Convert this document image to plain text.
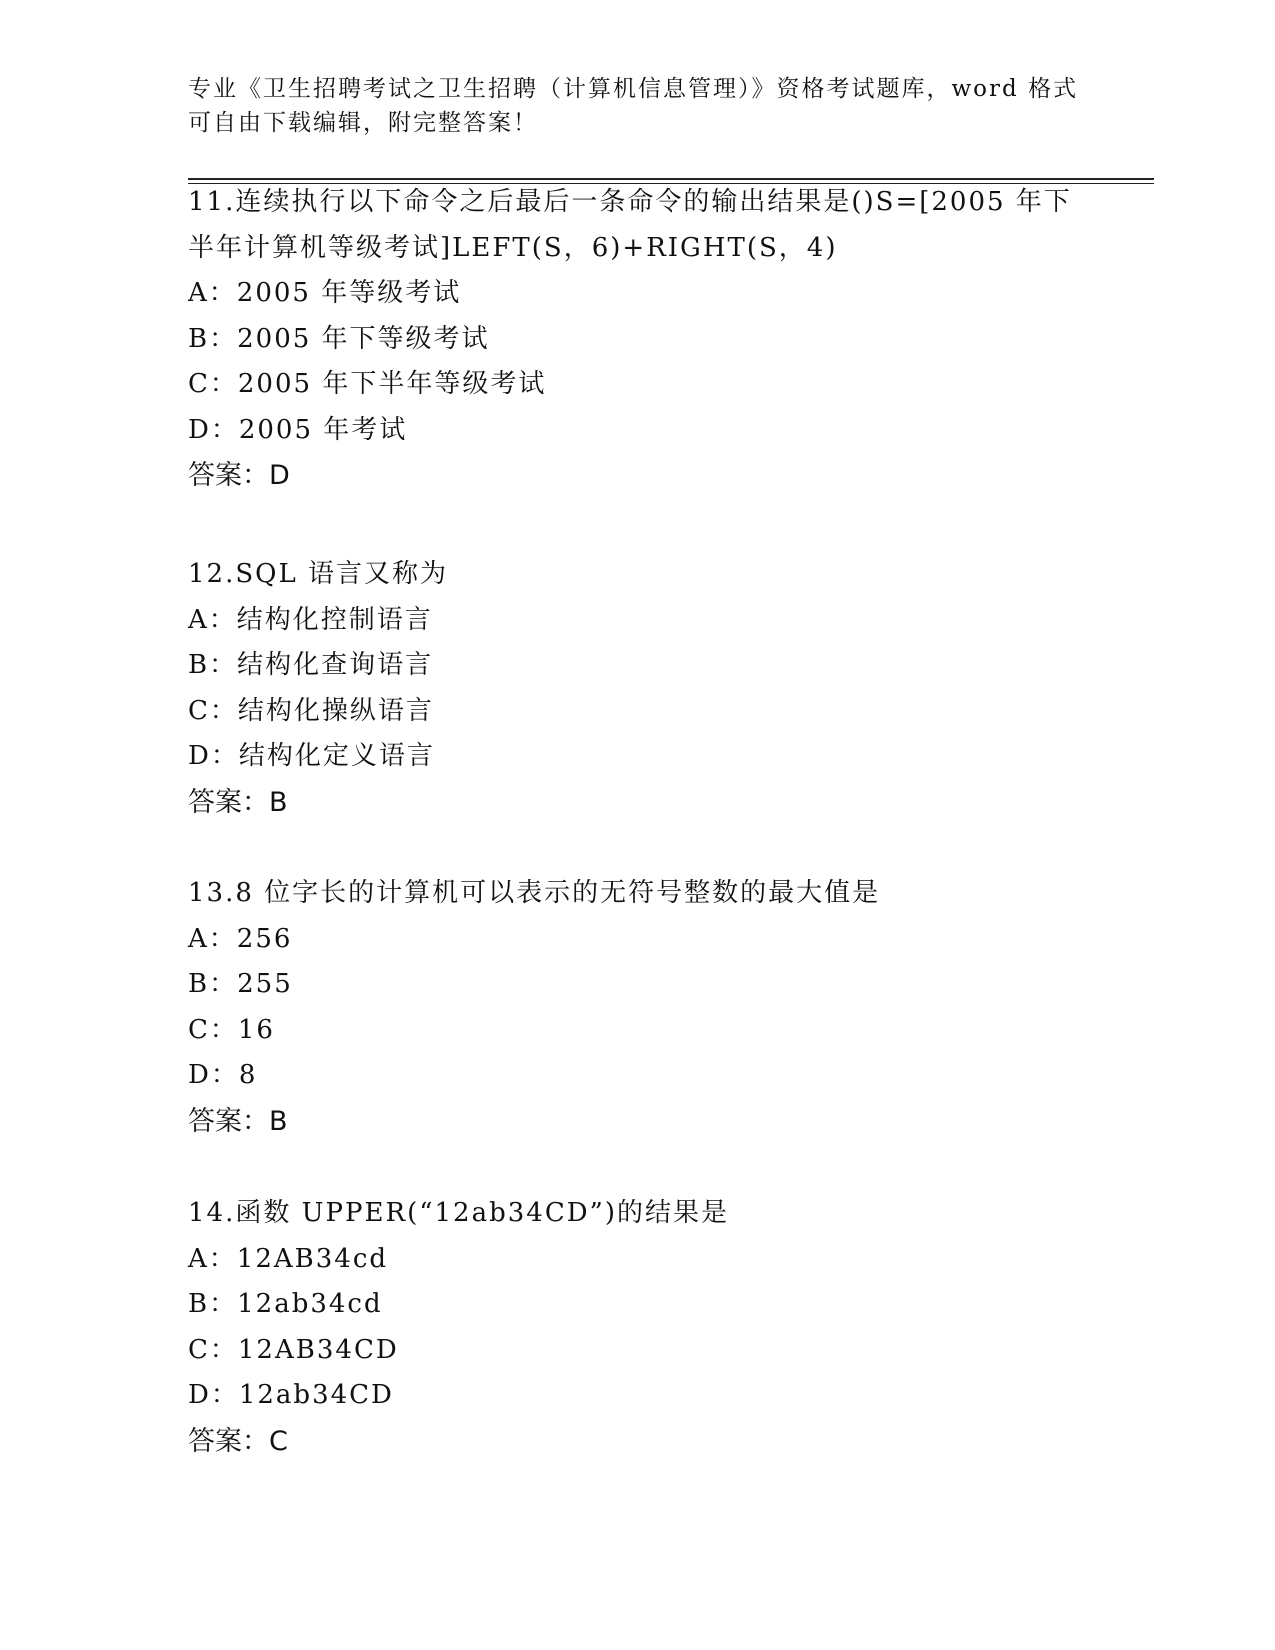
专业《卫生招聘考试之卫生招聘（计算机信息管理）》资格考试题库，word 格式
可自由下载编辑，附完整答案！
11.连续执行以下命令之后最后一条命令的输出结果是()S=[2005 年下
半年计算机等级考试]LEFT(S，6)+RIGHT(S，4)
A：2005 年等级考试
B：2005 年下等级考试
C：2005 年下半年等级考试
D：2005 年考试
答案：D
12.SQL 语言又称为
A：结构化控制语言
B：结构化查询语言
C：结构化操纵语言
D：结构化定义语言
答案：B
13.8 位字长的计算机可以表示的无符号整数的最大值是
A：256
B：255
C：16
D：8
答案：B
14.函数 UPPER(“12ab34CD”)的结果是
A：12AB34cd
B：12ab34cd
C：12AB34CD
D：12ab34CD
答案：C
